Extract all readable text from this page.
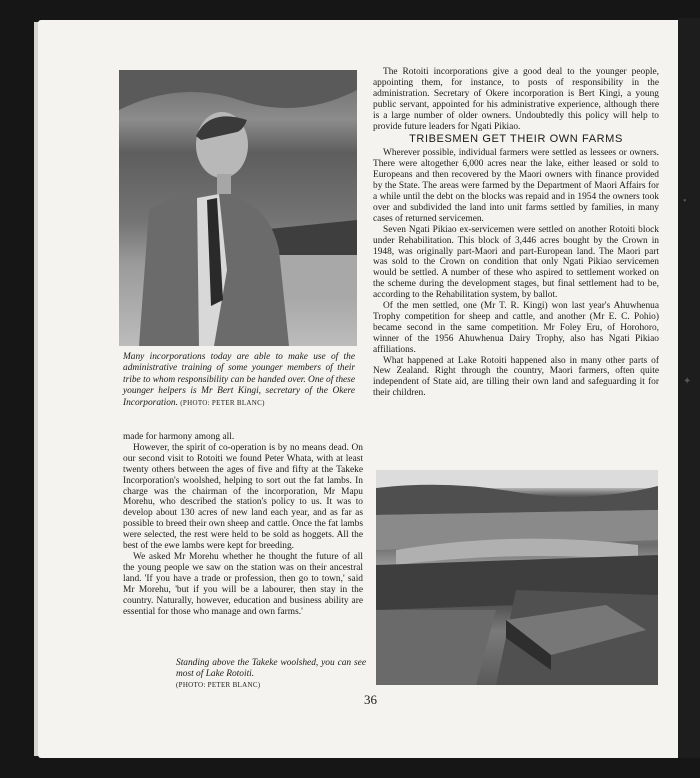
•
✦
Many incorporations today are able to make use of the administrative training of some younger members of their tribe to whom responsibility can be handed over. One of these younger helpers is Mr Bert Kingi, secretary of the Okere Incorporation. (PHOTO: PETER BLANC)

The Rotoiti incorporations give a good deal to the younger people, appointing them, for instance, to posts of responsibility in the administration. Secretary of Okere incorporation is Bert Kingi, a young public servant, appointed for his administrative experience, although there is a large number of older owners. Undoubtedly this policy will help to provide future leaders for Ngati Pikiao.

TRIBESMEN GET THEIR OWN FARMS

Wherever possible, individual farmers were settled as lessees or owners. There were altogether 6,000 acres near the lake, either leased or sold to Europeans and then recovered by the Maori owners with finance provided by the State. The areas were farmed by the Department of Maori Affairs for a while until the debt on the blocks was repaid and in 1954 the owners took over and subdivided the land into unit farms settled by families, in many cases of returned servicemen.

Seven Ngati Pikiao ex-servicemen were settled on another Rotoiti block under Rehabilitation. This block of 3,446 acres bought by the Crown in 1948, was originally part-Maori and part-European land. The Maori part was sold to the Crown on condition that only Ngati Pikiao servicemen would be settled. A number of these who aspired to settlement worked on the scheme during the development stages, but final settlement had to be, according to the Rehabilitation system, by ballot.

Of the men settled, one (Mr T. R. Kingi) won last year's Ahuwhenua Trophy competition for sheep and cattle, and another (Mr E. C. Pohio) became second in the same competition. Mr Foley Eru, of Horohoro, winner of the 1956 Ahuwhenua Dairy Trophy, also has Ngati Pikiao affiliations.

What happened at Lake Rotoiti happened also in many other parts of New Zealand. Right through the country, Maori farmers, often quite independent of State aid, are tilling their own land and safeguarding it for their children.

made for harmony among all.

However, the spirit of co-operation is by no means dead. On our second visit to Rotoiti we found Peter Whata, with at least twenty others between the ages of five and fifty at the Takeke Incorporation's woolshed, helping to sort out the fat lambs. In charge was the chairman of the incorporation, Mr Mapu Morehu, who described the station's policy to us. It was to develop about 130 acres of new land each year, and as far as possible to breed their own sheep and cattle. Once the fat lambs were selected, the rest were held to be sold as hoggets. All the best of the ewe lambs were kept for breeding.

We asked Mr Morehu whether he thought the future of all the young people we saw on the station was on their ancestral land. 'If you have a trade or profession, then go to town,' said Mr Morehu, 'but if you will be a labourer, then stay in the country. Naturally, however, education and business ability are essential for those who manage and own farms.'

Standing above the Takeke woolshed, you can see most of Lake Rotoiti.
(PHOTO: PETER BLANC)
36
